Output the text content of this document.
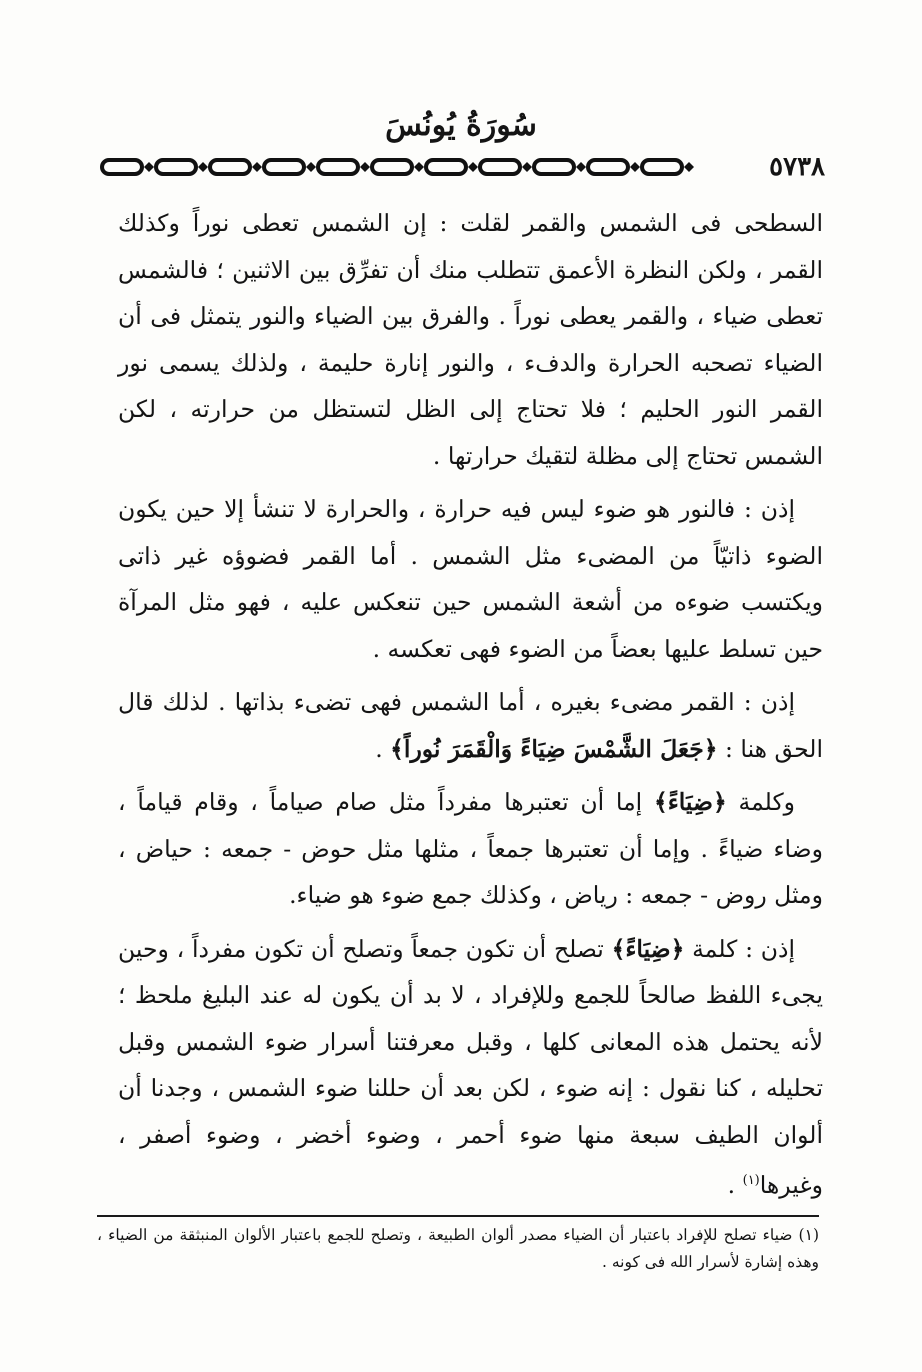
سُورَةُ يُونُسَ
٥٧٣٨

السطحى فى الشمس والقمر لقلت : إن الشمس تعطى نوراً وكذلك القمر ، ولكن النظرة الأعمق تتطلب منك أن تفرِّق بين الاثنين ؛ فالشمس تعطى ضياء ، والقمر يعطى نوراً . والفرق بين الضياء والنور يتمثل فى أن الضياء تصحبه الحرارة والدفء ، والنور إنارة حليمة ، ولذلك يسمى نور القمر النور الحليم ؛ فلا تحتاج إلى الظل لتستظل من حرارته ، لكن الشمس تحتاج إلى مظلة لتقيك حرارتها .

إذن : فالنور هو ضوء ليس فيه حرارة ، والحرارة لا تنشأ إلا حين يكون الضوء ذاتيّاً من المضىء مثل الشمس . أما القمر فضوؤه غير ذاتى ويكتسب ضوءه من أشعة الشمس حين تنعكس عليه ، فهو مثل المرآة حين تسلط عليها بعضاً من الضوء فهى تعكسه .

إذن : القمر مضىء بغيره ، أما الشمس فهى تضىء بذاتها . لذلك قال الحق هنا : ﴿جَعَلَ الشَّمْسَ ضِيَاءً وَالْقَمَرَ نُوراً﴾ .

وكلمة ﴿ضِيَاءً﴾ إما أن تعتبرها مفرداً مثل صام صياماً ، وقام قياماً ، وضاء ضياءً . وإما أن تعتبرها جمعاً ، مثلها مثل حوض - جمعه : حياض ، ومثل روض - جمعه : رياض ، وكذلك جمع ضوء هو ضياء.

إذن : كلمة ﴿ضِيَاءً﴾ تصلح أن تكون جمعاً وتصلح أن تكون مفرداً ، وحين يجىء اللفظ صالحاً للجمع وللإفراد ، لا بد أن يكون له عند البليغ ملحظ ؛ لأنه يحتمل هذه المعانى كلها ، وقبل معرفتنا أسرار ضوء الشمس وقبل تحليله ، كنا نقول : إنه ضوء ، لكن بعد أن حللنا ضوء الشمس ، وجدنا أن ألوان الطيف سبعة منها ضوء أحمر ، وضوء أخضر ، وضوء أصفر ، وغيرها$^{(١)}$ .

(١) ضياء تصلح للإفراد باعتبار أن الضياء مصدر ألوان الطبيعة ، وتصلح للجمع باعتبار الألوان المنبثقة من الضياء ، وهذه إشارة لأسرار الله فى كونه .
